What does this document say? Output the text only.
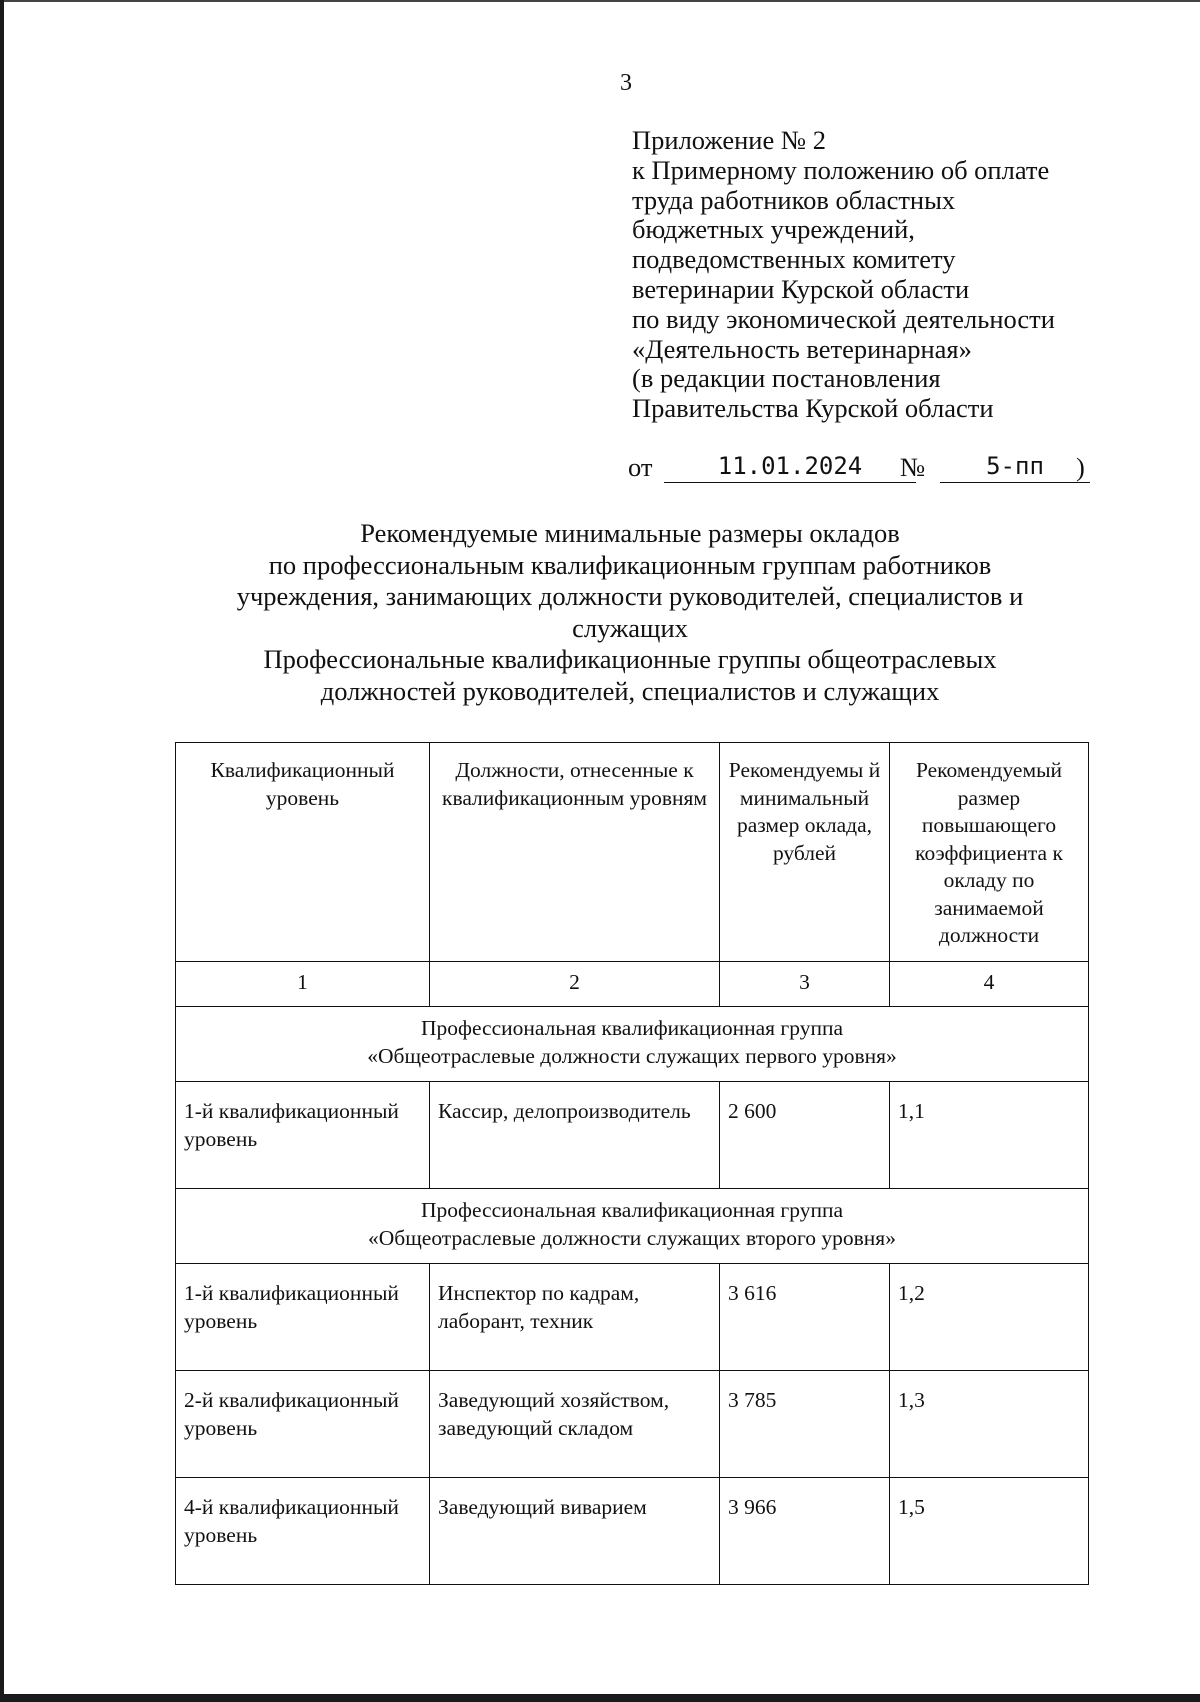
3
Приложение № 2
к Примерному положению об оплате
труда работников областных
бюджетных учреждений,
подведомственных комитету
ветеринарии Курской области
по виду экономической деятельности
«Деятельность ветеринарная»
(в редакции постановления
Правительства Курской области
от	11.01.2024	№	5-пп	)
Рекомендуемые минимальные размеры окладов
по профессиональным квалификационным группам работников
учреждения, занимающих должности руководителей, специалистов и
служащих
Профессиональные квалификационные группы общеотраслевых
должностей руководителей, специалистов и служащих
Квалификационный уровень	Должности, отнесенные к квалификационным уровням	Рекомендуемы й минимальный размер оклада, рублей	Рекомендуемый размер повышающего коэффициента к окладу по занимаемой должности
1	2	3	4

Профессиональная квалификационная группа
«Общеотраслевые должности служащих первого уровня»			

1-й квалификационный уровень	Кассир, делопроизводитель	2 600	1,1

Профессиональная квалификационная группа
«Общеотраслевые должности служащих второго уровня»			

1-й квалификационный уровень	Инспектор по кадрам, лаборант, техник	3 616	1,2
2-й квалификационный уровень	Заведующий хозяйством, заведующий складом	3 785	1,3
4-й квалификационный уровень	Заведующий виварием	3 966	1,5
